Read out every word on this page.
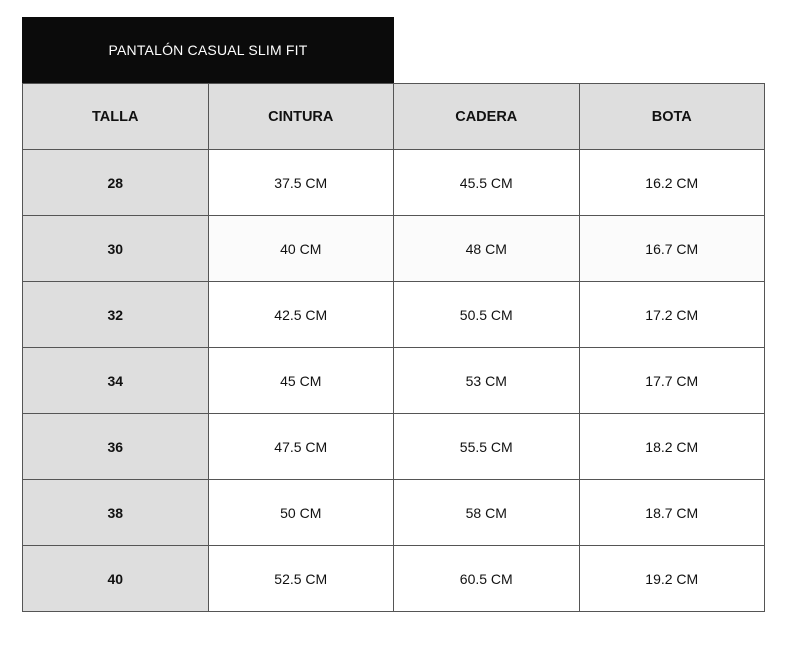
PANTALÓN CASUAL SLIM FIT
TALLA	CINTURA	CADERA	BOTA
28	37.5 CM	45.5 CM	16.2 CM
30	40 CM	48 CM	16.7 CM
32	42.5 CM	50.5 CM	17.2 CM
34	45 CM	53 CM	17.7 CM
36	47.5 CM	55.5 CM	18.2 CM
38	50 CM	58 CM	18.7 CM
40	52.5 CM	60.5 CM	19.2 CM
